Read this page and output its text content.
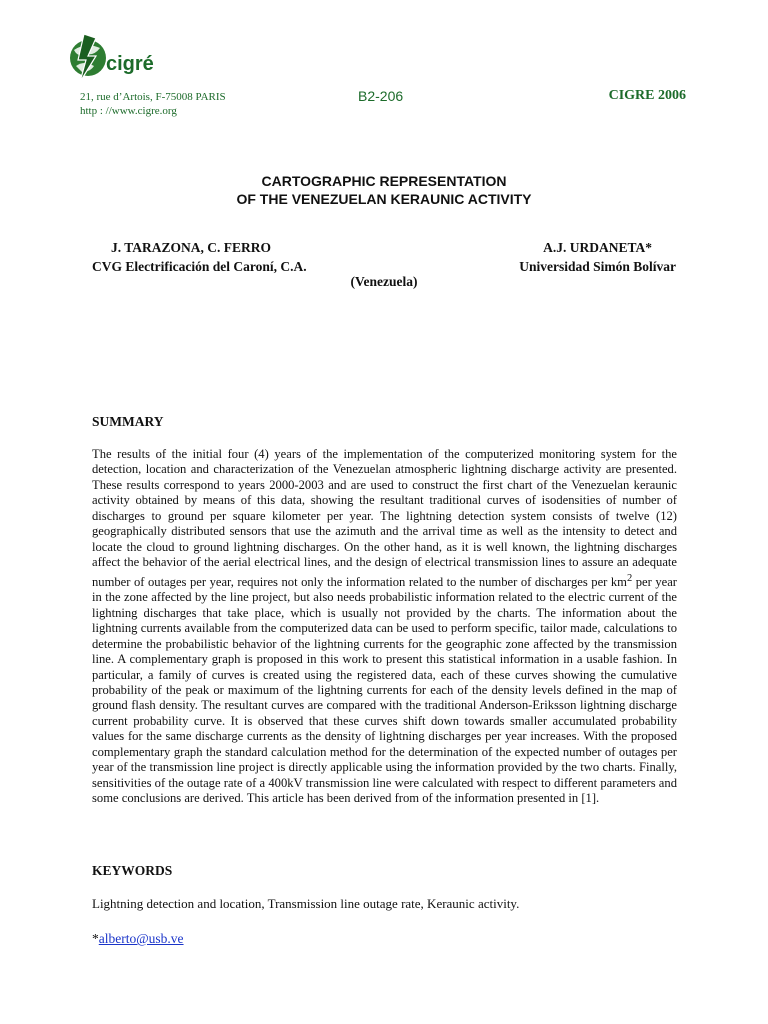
cigré
21, rue d’Artois, F-75008 PARIS
http : //www.cigre.org
B2-206	CIGRE 2006
CARTOGRAPHIC REPRESENTATION
OF THE VENEZUELAN KERAUNIC ACTIVITY
J. TARAZONA, C. FERRO
CVG Electrificación del Caroní, C.A.
A.J. URDANETA*
Universidad Simón Bolívar
(Venezuela)
SUMMARY

The results of the initial four (4) years of the implementation of the computerized monitoring system for the detection, location and characterization of the Venezuelan atmospheric lightning discharge activity are presented. These results correspond to years 2000-2003 and are used to construct the first chart of the Venezuelan keraunic activity obtained by means of this data, showing the resultant traditional curves of isodensities of number of discharges to ground per square kilometer per year. The lightning detection system consists of twelve (12) geographically distributed sensors that use the azimuth and the arrival time as well as the intensity to detect and locate the cloud to ground lightning discharges. On the other hand, as it is well known, the lightning discharges affect the behavior of the aerial electrical lines, and the design of electrical transmission lines to assure an adequate number of outages per year, requires not only the information related to the number of discharges per $km^2$ per year in the zone affected by the line project, but also needs probabilistic information related to the electric current of the lightning discharges that take place, which is usually not provided by the charts. The information about the lightning currents available from the computerized data can be used to perform specific, tailor made, calculations to determine the probabilistic behavior of the lightning currents for the geographic zone affected by the transmission line. A complementary graph is proposed in this work to present this statistical information in a usable fashion. In particular, a family of curves is created using the registered data, each of these curves showing the cumulative probability of the peak or maximum of the lightning currents for each of the density levels defined in the map of ground flash density. The resultant curves are compared with the traditional Anderson-Eriksson lightning discharge current probability curve. It is observed that these curves shift down towards smaller accumulated probability values for the same discharge currents as the density of lightning discharges per year increases. With the proposed complementary graph the standard calculation method for the determination of the expected number of outages per year of the transmission line project is directly applicable using the information provided by the two charts. Finally, sensitivities of the outage rate of a 400kV transmission line were calculated with respect to different parameters and some conclusions are derived. This article has been derived from of the information presented in [1].

KEYWORDS
Lightning detection and location, Transmission line outage rate, Keraunic activity.
*alberto@usb.ve
